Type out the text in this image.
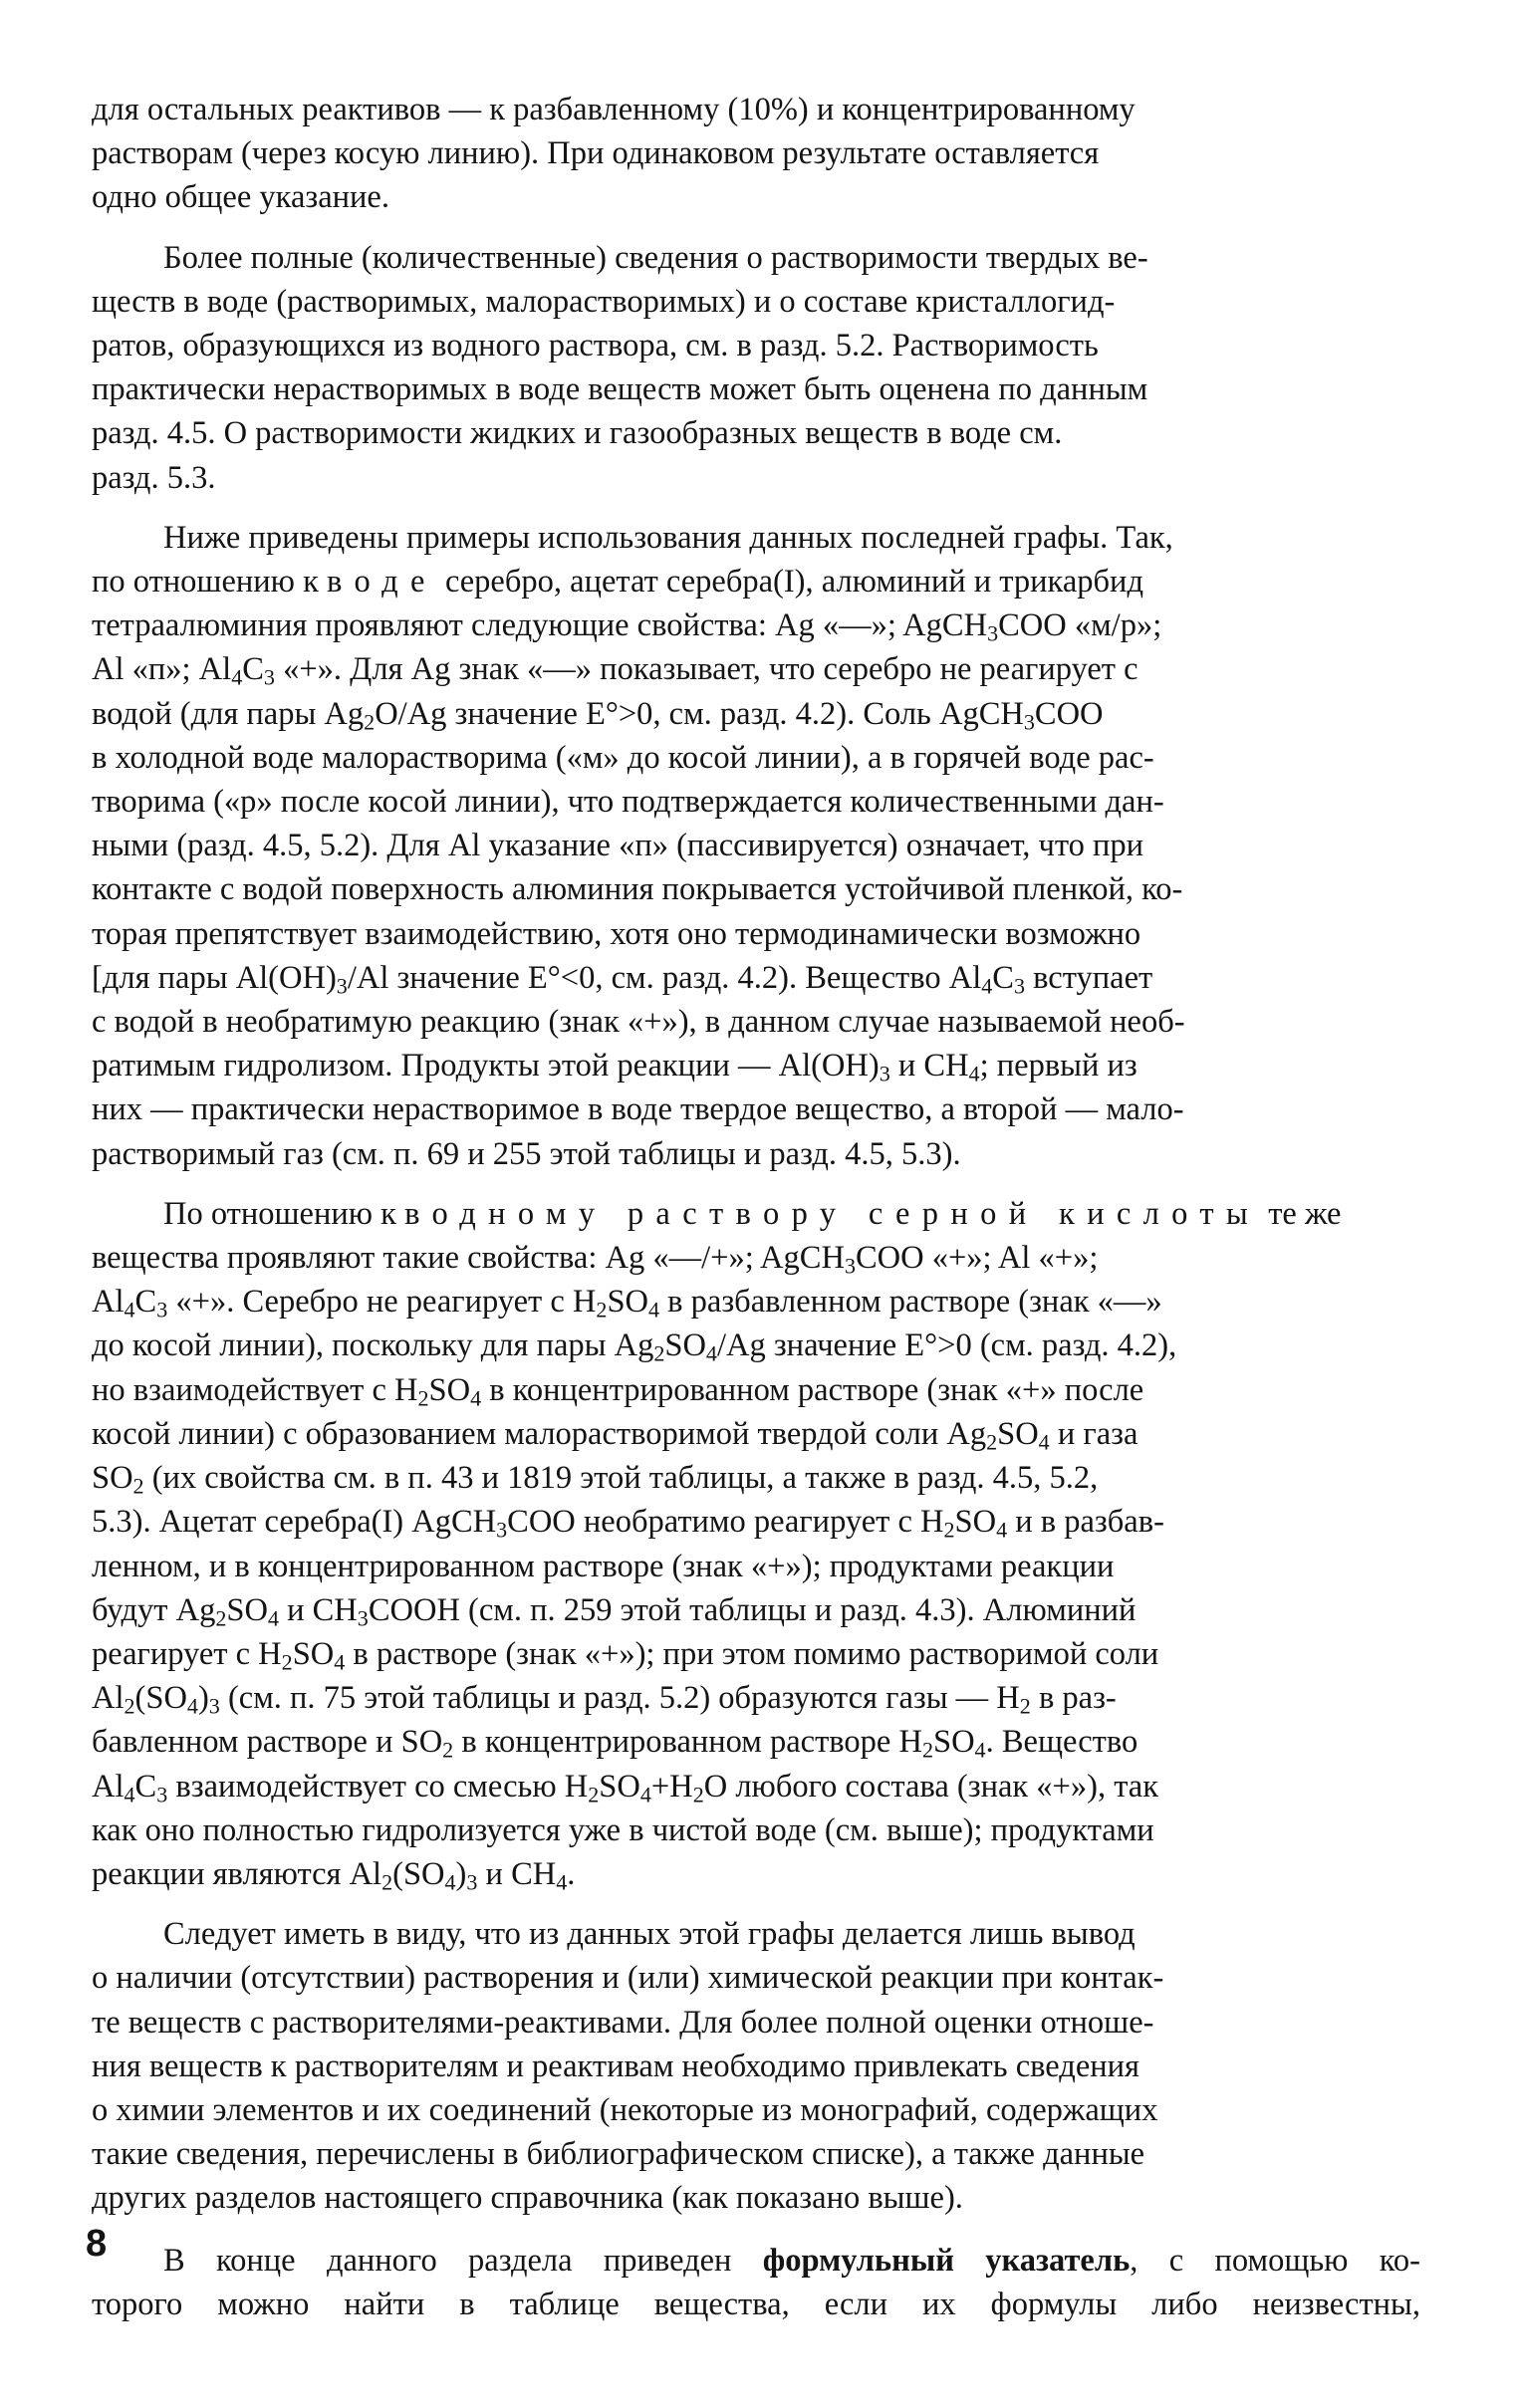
для остальных реактивов — к разбавленному (10%) и концентрированному
растворам (через косую линию). При одинаковом результате оставляется
одно общее указание.

Более полные (количественные) сведения о растворимости твердых ве-
ществ в воде (растворимых, малорастворимых) и о составе кристаллогид-
ратов, образующихся из водного раствора, см. в разд. 5.2. Растворимость
практически нерастворимых в воде веществ может быть оценена по данным
разд. 4.5. О растворимости жидких и газообразных веществ в воде см.
разд. 5.3.

Ниже приведены примеры использования данных последней графы. Так,
по отношению к воде серебро, ацетат серебра(I), алюминий и трикарбид
тетраалюминия проявляют следующие свойства: Ag «—»; AgCH$_3$COO «м/р»;
Al «п»; $Al_4C_3$ «+». Для Ag знак «—» показывает, что серебро не реагирует с
водой (для пары $Ag_2O/Ag$ значение E°>0, см. разд. 4.2). Соль AgCH$_3$COO
в холодной воде малорастворима («м» до косой линии), а в горячей воде рас-
творима («р» после косой линии), что подтверждается количественными дан-
ными (разд. 4.5, 5.2). Для Al указание «п» (пассивируется) означает, что при
контакте с водой поверхность алюминия покрывается устойчивой пленкой, ко-
торая препятствует взаимодействию, хотя оно термодинамически возможно
[для пары $Al(OH)_3/Al$ значение E°<0, см. разд. 4.2). Вещество $Al_4C_3$ вступает
с водой в необратимую реакцию (знак «+»), в данном случае называемой необ-
ратимым гидролизом. Продукты этой реакции — $Al(OH)_3$ и $CH_4$; первый из
них — практически нерастворимое в воде твердое вещество, а второй — мало-
растворимый газ (см. п. 69 и 255 этой таблицы и разд. 4.5, 5.3).

По отношению к водному раствору серной кислоты те же
вещества проявляют такие свойства: Ag «—/+»; AgCH$_3$COO «+»; Al «+»;
$Al_4C_3$ «+». Серебро не реагирует с $H_2SO_4$ в разбавленном растворе (знак «—»
до косой линии), поскольку для пары $Ag_2SO_4/Ag$ значение E°>0 (см. разд. 4.2),
но взаимодействует с $H_2SO_4$ в концентрированном растворе (знак «+» после
косой линии) с образованием малорастворимой твердой соли $Ag_2SO_4$ и газа
$SO_2$ (их свойства см. в п. 43 и 1819 этой таблицы, а также в разд. 4.5, 5.2,
5.3). Ацетат серебра(I) AgCH$_3$COO необратимо реагирует с $H_2SO_4$ и в разбав-
ленном, и в концентрированном растворе (знак «+»); продуктами реакции
будут $Ag_2SO_4$ и $CH_3COOH$ (см. п. 259 этой таблицы и разд. 4.3). Алюминий
реагирует с $H_2SO_4$ в растворе (знак «+»); при этом помимо растворимой соли
$Al_2(SO_4)_3$ (см. п. 75 этой таблицы и разд. 5.2) образуются газы — $H_2$ в раз-
бавленном растворе и $SO_2$ в концентрированном растворе $H_2SO_4$. Вещество
$Al_4C_3$ взаимодействует со смесью $H_2SO_4+H_2O$ любого состава (знак «+»), так
как оно полностью гидролизуется уже в чистой воде (см. выше); продуктами
реакции являются $Al_2(SO_4)_3$ и $CH_4$.

Следует иметь в виду, что из данных этой графы делается лишь вывод
о наличии (отсутствии) растворения и (или) химической реакции при контак-
те веществ с растворителями-реактивами. Для более полной оценки отноше-
ния веществ к растворителям и реактивам необходимо привлекать сведения
о химии элементов и их соединений (некоторые из монографий, содержащих
такие сведения, перечислены в библиографическом списке), а также данные
других разделов настоящего справочника (как показано выше).

В конце данного раздела приведен формульный указатель, с помощью ко-
торого можно найти в таблице вещества, если их формулы либо неизвестны,

8
